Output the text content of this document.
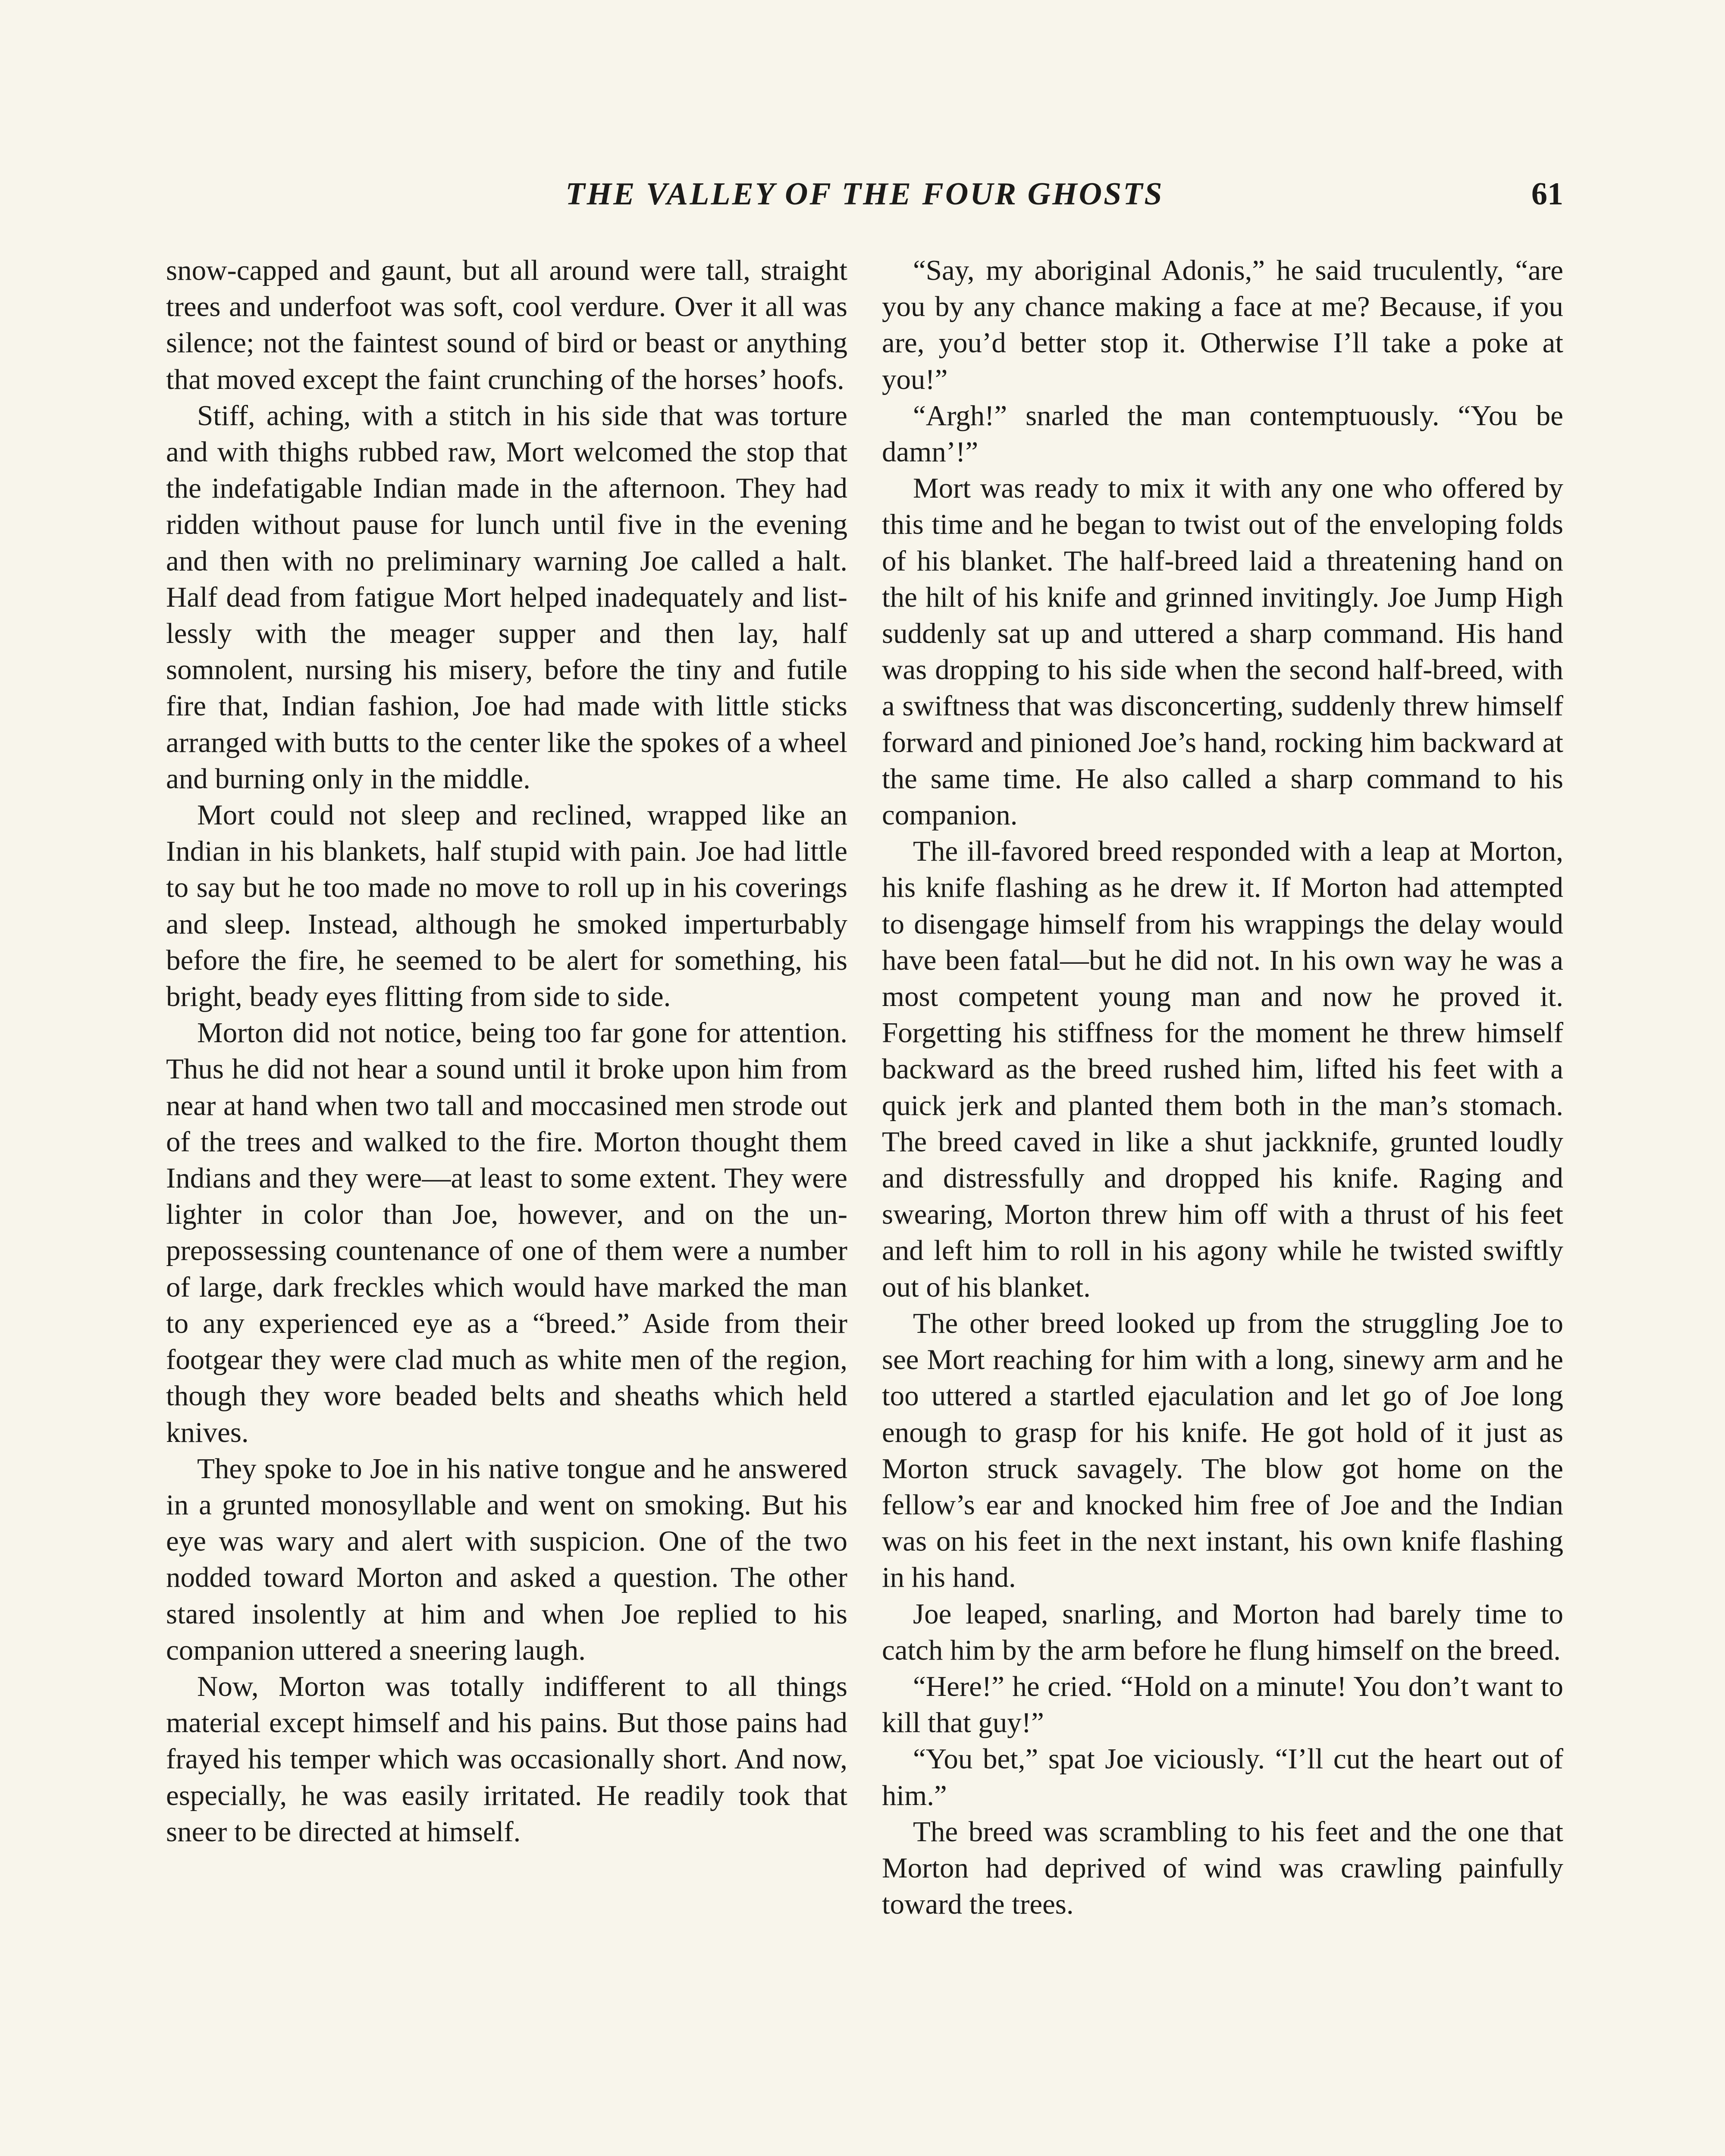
THE VALLEY OF THE FOUR GHOSTS	61

snow-capped and gaunt, but all around were tall, straight trees and underfoot was soft, cool verdure. Over it all was silence; not the faintest sound of bird or beast or anything that moved except the faint crunching of the horses’ hoofs.

Stiff, aching, with a stitch in his side that was torture and with thighs rubbed raw, Mort welcomed the stop that the indefatigable Indian made in the afternoon. They had ridden without pause for lunch until five in the evening and then with no preliminary warning Joe called a halt. Half dead from fatigue Mort helped inadequately and listlessly with the meager supper and then lay, half somnolent, nursing his misery, before the tiny and futile fire that, Indian fashion, Joe had made with little sticks arranged with butts to the center like the spokes of a wheel and burning only in the middle.

Mort could not sleep and reclined, wrapped like an Indian in his blankets, half stupid with pain. Joe had little to say but he too made no move to roll up in his coverings and sleep. Instead, although he smoked imperturbably before the fire, he seemed to be alert for something, his bright, beady eyes flitting from side to side.

Morton did not notice, being too far gone for attention. Thus he did not hear a sound until it broke upon him from near at hand when two tall and moccasined men strode out of the trees and walked to the fire. Morton thought them Indians and they were—at least to some extent. They were lighter in color than Joe, however, and on the unprepossessing countenance of one of them were a number of large, dark freckles which would have marked the man to any experienced eye as a “breed.” Aside from their footgear they were clad much as white men of the region, though they wore beaded belts and sheaths which held knives.

They spoke to Joe in his native tongue and he answered in a grunted monosyllable and went on smoking. But his eye was wary and alert with suspicion. One of the two nodded toward Morton and asked a question. The other stared insolently at him and when Joe replied to his companion uttered a sneering laugh.

Now, Morton was totally indifferent to all things material except himself and his pains. But those pains had frayed his temper which was occasionally short. And now, especially, he was easily irritated. He readily took that sneer to be directed at himself.

“Say, my aboriginal Adonis,” he said truculently, “are you by any chance making a face at me? Because, if you are, you’d better stop it. Otherwise I’ll take a poke at you!”

“Argh!” snarled the man contemptuously. “You be damn’!”

Mort was ready to mix it with any one who offered by this time and he began to twist out of the enveloping folds of his blanket. The half-breed laid a threatening hand on the hilt of his knife and grinned invitingly. Joe Jump High suddenly sat up and uttered a sharp command. His hand was dropping to his side when the second half-breed, with a swiftness that was disconcerting, suddenly threw himself forward and pinioned Joe’s hand, rocking him backward at the same time. He also called a sharp command to his companion.

The ill-favored breed responded with a leap at Morton, his knife flashing as he drew it. If Morton had attempted to disengage himself from his wrappings the delay would have been fatal—but he did not. In his own way he was a most competent young man and now he proved it. Forgetting his stiffness for the moment he threw himself backward as the breed rushed him, lifted his feet with a quick jerk and planted them both in the man’s stomach. The breed caved in like a shut jackknife, grunted loudly and distressfully and dropped his knife. Raging and swearing, Morton threw him off with a thrust of his feet and left him to roll in his agony while he twisted swiftly out of his blanket.

The other breed looked up from the struggling Joe to see Mort reaching for him with a long, sinewy arm and he too uttered a startled ejaculation and let go of Joe long enough to grasp for his knife. He got hold of it just as Morton struck savagely. The blow got home on the fellow’s ear and knocked him free of Joe and the Indian was on his feet in the next instant, his own knife flashing in his hand.

Joe leaped, snarling, and Morton had barely time to catch him by the arm before he flung himself on the breed.

“Here!” he cried. “Hold on a minute! You don’t want to kill that guy!”

“You bet,” spat Joe viciously. “I’ll cut the heart out of him.”

The breed was scrambling to his feet and the one that Morton had deprived of wind was crawling painfully toward the trees.
